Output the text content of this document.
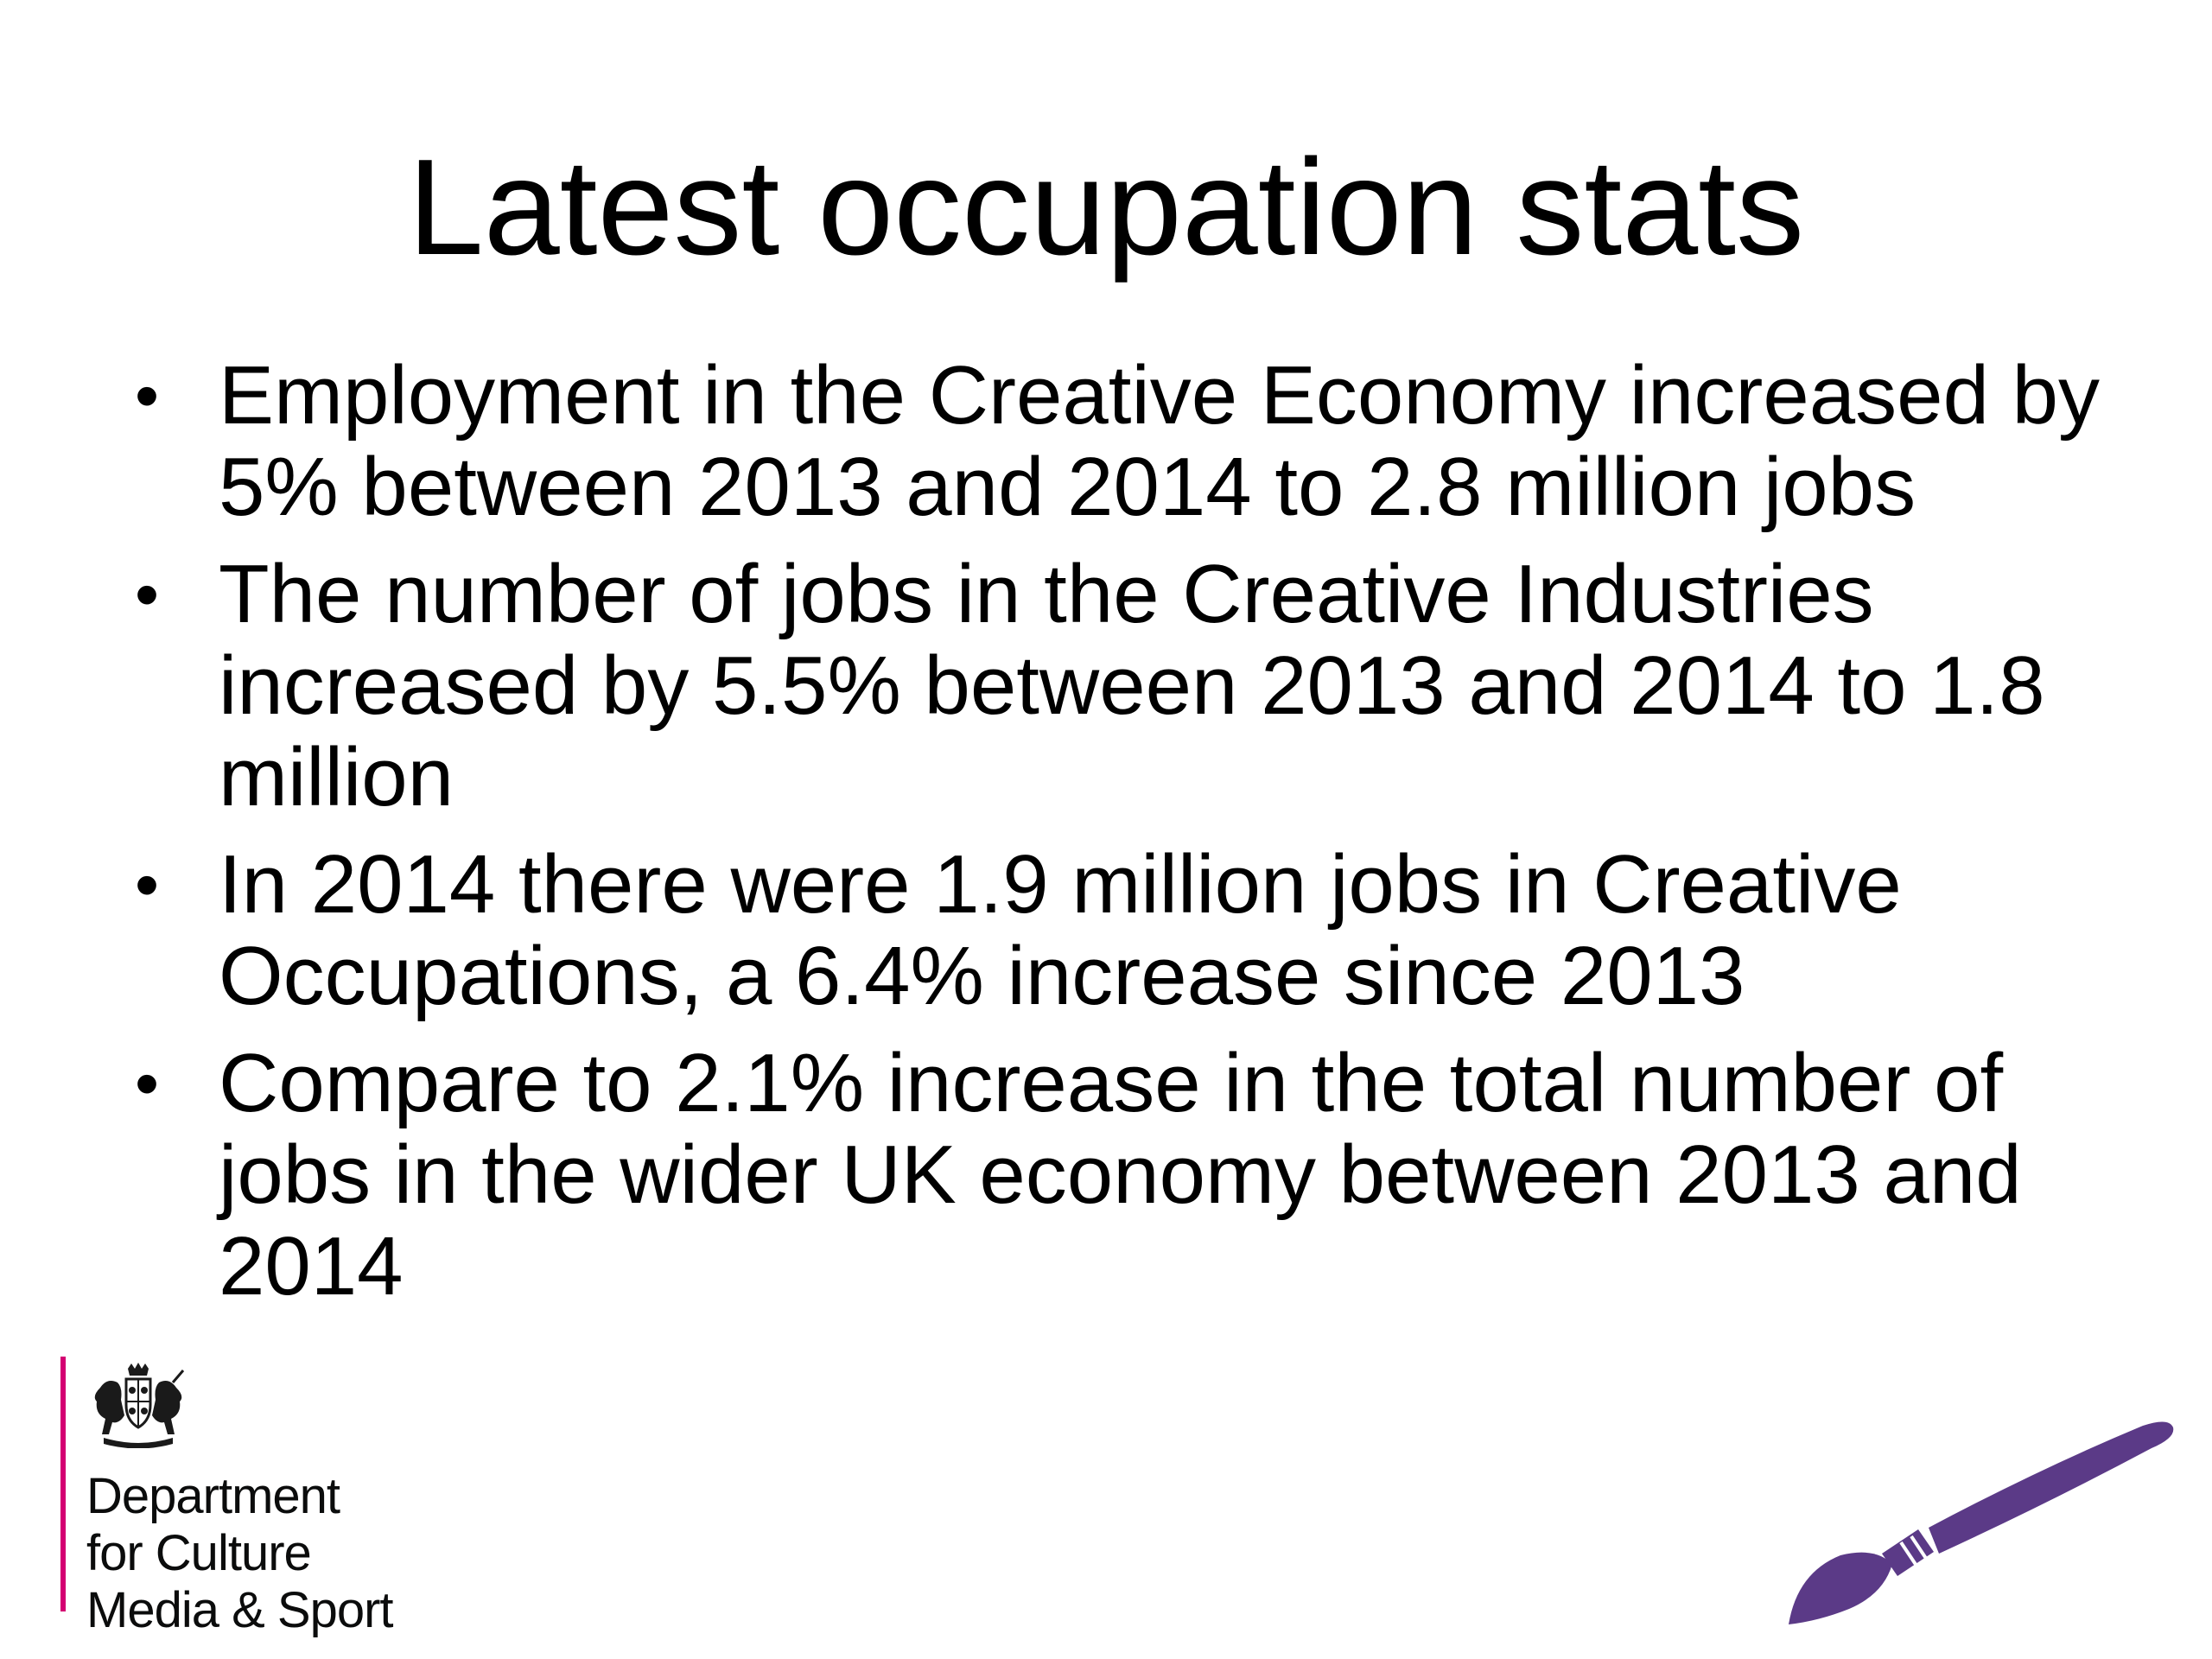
Latest occupation stats
• Employment in the Creative Economy increased by 5% between 2013 and 2014 to 2.8 million jobs
• The number of jobs in the Creative Industries increased by 5.5% between 2013 and 2014 to 1.8 million
• In 2014 there were 1.9 million jobs in Creative Occupations, a 6.4% increase since 2013
• Compare to 2.1% increase in the total number of jobs in the wider UK economy between 2013 and 2014
Department
for Culture
Media & Sport
